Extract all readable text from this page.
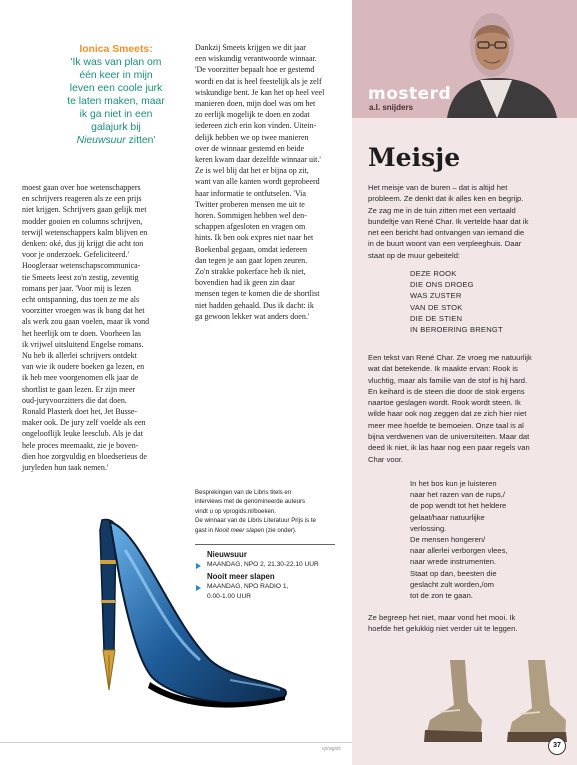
mosterd
a.l. snijders
Meisje

Het meisje van de buren – dat is altijd het
probleem. Ze denkt dat ik alles ken en begrijp.
Ze zag me in de tuin zitten met een vertaald
bundeltje van René Char. Ik vertelde haar dat ik
net een bericht had ontvangen van iemand die
in de buurt woont van een verpleeghuis. Daar
staat op de muur gebeiteld:

DEZE ROOK
DIE ONS DROEG
WAS ZUSTER
VAN DE STOK
DIE DE STIEN
IN BEROERING BRENGT

Een tekst van René Char. Ze vroeg me natuurlijk
wat dat betekende. Ik maakte ervan: Rook is
vluchtig, maar als familie van de stof is hij hard.
En keihard is de steen die door de stok ergens
naartoe geslagen wordt. Rook wordt steen. Ik
wilde haar ook nog zeggen dat ze zich hier niet
meer mee hoefde te bemoeien. Onze taal is al
bijna verdwenen van de universiteiten. Maar dat
deed ik niet, ik las haar nog een paar regels van
Char voor.

In het bos kun je luisteren
naar het razen van de rups,/
de pop wendt tot het heldere
gelaat/haar natuurlijke
verlossing.
De mensen hongeren/
naar allerlei verborgen vlees,
naar wrede instrumenten.
Staat op dan, beesten die
geslacht zult worden,/om
tot de zon te gaan.

Ze begreep het niet, maar vond het mooi. Ik
hoefde het gelukkig niet verder uit te leggen.

Ionica Smeets:
'Ik was van plan om
één keer in mijn
leven een coole jurk
te laten maken, maar
ik ga niet in een
galajurk bij
Nieuwsuur zitten'

moest gaan over hoe wetenschappers
en schrijvers reageren als ze een prijs
niet krijgen. Schrijvers gaan gelijk met
modder gooien en columns schrijven,
terwijl wetenschappers kalm blijven en
denken: oké, dus jij krijgt die acht ton
voor je onderzoek. Gefeliciteerd.'
Hoogleraar wetenschapscommunica-
tie Smeets leest zo'n zestig, zeventig
romans per jaar. 'Voor mij is lezen
echt ontspanning, dus toen ze me als
voorzitter vroegen was ik bang dat het
als werk zou gaan voelen, maar ik vond
het heerlijk om te doen. Voorheen las
ik vrijwel uitsluitend Engelse romans.
Nu heb ik allerlei schrijvers ontdekt
van wie ik oudere boeken ga lezen, en
ik heb mee voorgenomen elk jaar de
shortlist te gaan lezen. Er zijn meer
oud-juryvoorzitters die dat doen.
Ronald Plasterk doet het, Jet Busse-
maker ook. De jury zelf voelde als een
ongelooflijk leuke leesclub. Als je dat
hele proces meemaakt, zie je boven-
dien hoe zorgvuldig en bloedserieus de
juryleden hun taak nemen.'

Dankzij Smeets krijgen we dit jaar
een wiskundig verantwoorde winnaar.
'De voorzitter bepaalt hoe er gestemd
wordt en dat is heel feestelijk als je zelf
wiskundige bent. Je kan het op heel veel
manieren doen, mijn doel was om het
zo eerlijk mogelijk te doen en zodat
iedereen zich erin kon vinden. Uitein-
delijk hebben we op twee manieren
over de winnaar gestemd en beide
keren kwam daar dezelfde winnaar uit.'
Ze is wel blij dat het er bijna op zit,
want van alle kanten wordt geprobeerd
haar informatie te ontfutselen. 'Via
Twitter proberen mensen me uit te
horen. Sommigen hebben wel den-
schappen afgesloten en vragen om
hints. Ik ben ook expres niet naar het
Boekenbal gegaan, omdat iedereen
dan tegen je aan gaat lopen zeuren.
Zo'n strakke pokerface heb ik niet,
bovendien had ik geen zin daar
mensen tegen te komen die de shortlist
niet hadden gehaald. Dus ik dacht: ik
ga gewoon lekker wat anders doen.'

Besprekingen van de Libris titels en
interviews met de genomineerde auteurs
vindt u op vprogids.nl/boeken.
De winnaar van de Libris Literatuur Prijs is te
gast in Nooit meer slapen (zie onder).

Nieuwsuur
MAANDAG, NPO 2, 21.30-22.10 UUR
Nooit meer slapen
MAANDAG, NPO RADIO 1,
0.00-1.00 UUR
vprogids	37
